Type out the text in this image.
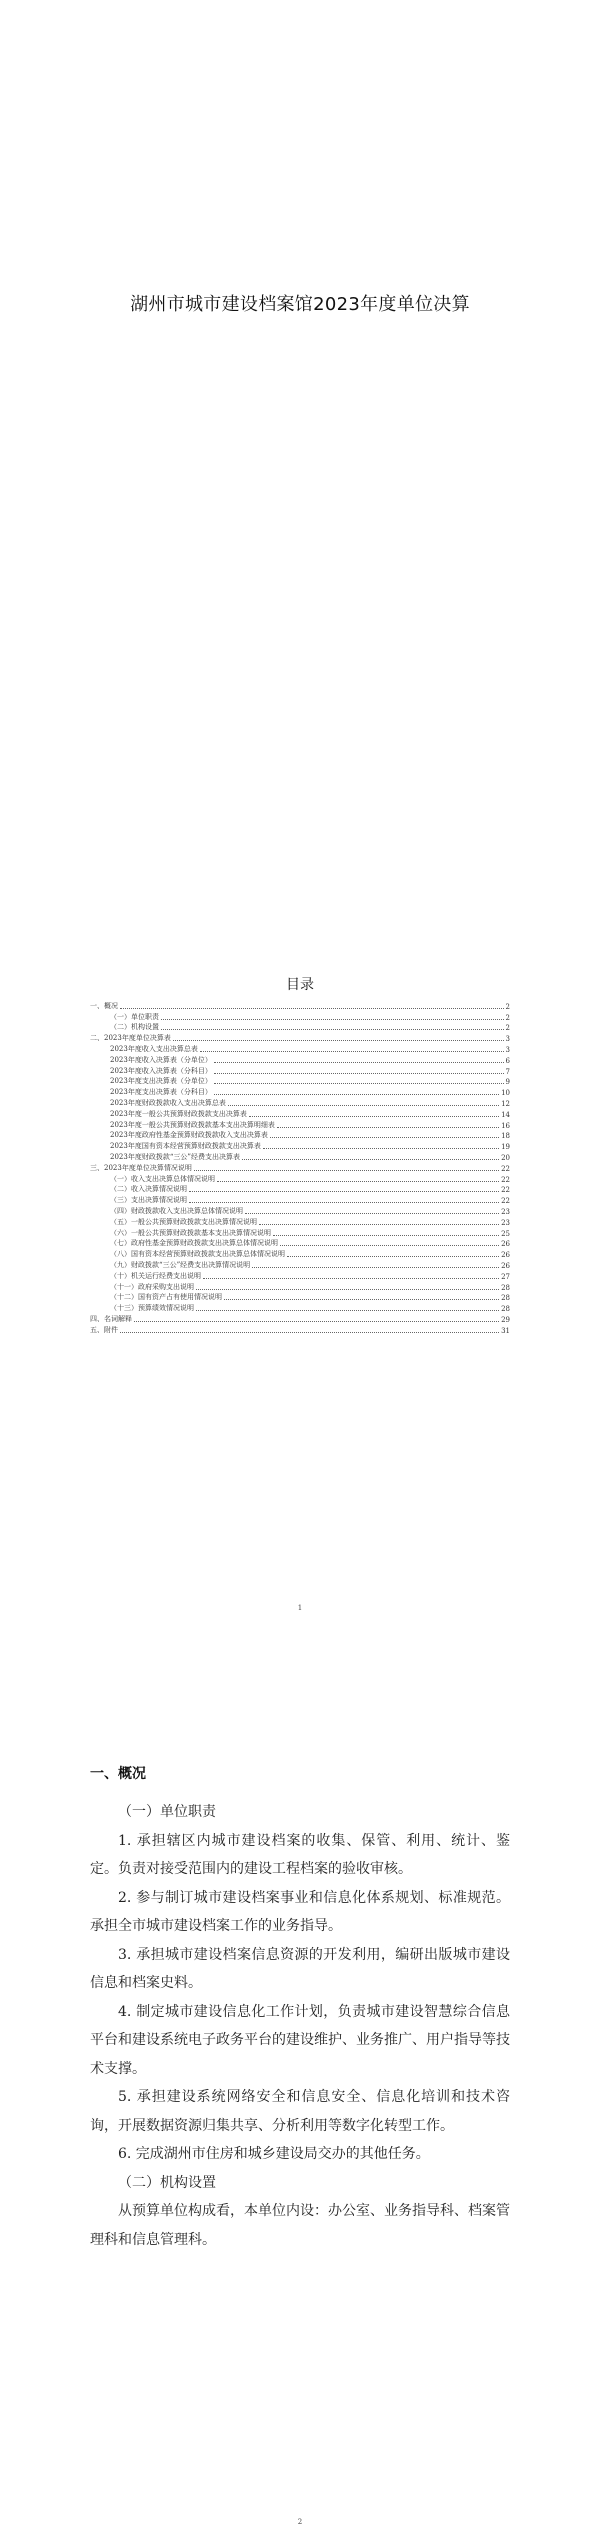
湖州市城市建设档案馆2023年度单位决算
目录
一、概况	2
（一）单位职责	2
（二）机构设置	2
二、2023年度单位决算表	3
2023年度收入支出决算总表	3
2023年度收入决算表（分单位）	6
2023年度收入决算表（分科目）	7
2023年度支出决算表（分单位）	9
2023年度支出决算表（分科目）	10
2023年度财政拨款收入支出决算总表	12
2023年度一般公共预算财政拨款支出决算表	14
2023年度一般公共预算财政拨款基本支出决算明细表	16
2023年度政府性基金预算财政拨款收入支出决算表	18
2023年度国有资本经营预算财政拨款支出决算表	19
2023年度财政拨款“三公”经费支出决算表	20
三、2023年度单位决算情况说明	22
（一）收入支出决算总体情况说明	22
（二）收入决算情况说明	22
（三）支出决算情况说明	22
（四）财政拨款收入支出决算总体情况说明	23
（五）一般公共预算财政拨款支出决算情况说明	23
（六）一般公共预算财政拨款基本支出决算情况说明	25
（七）政府性基金预算财政拨款支出决算总体情况说明	26
（八）国有资本经营预算财政拨款支出决算总体情况说明	26
（九）财政拨款“三公”经费支出决算情况说明	26
（十）机关运行经费支出说明	27
（十一）政府采购支出说明	28
（十二）国有资产占有使用情况说明	28
（十三）预算绩效情况说明	28
四、名词解释	29
五、附件	31
1
一、概况
（一）单位职责

1. 承担辖区内城市建设档案的收集、保管、利用、统计、鉴定。负责对接受范围内的建设工程档案的验收审核。

2. 参与制订城市建设档案事业和信息化体系规划、标准规范。承担全市城市建设档案工作的业务指导。

3. 承担城市建设档案信息资源的开发利用，编研出版城市建设信息和档案史料。

4. 制定城市建设信息化工作计划，负责城市建设智慧综合信息平台和建设系统电子政务平台的建设维护、业务推广、用户指导等技术支撑。

5. 承担建设系统网络安全和信息安全、信息化培训和技术咨询，开展数据资源归集共享、分析利用等数字化转型工作。

6. 完成湖州市住房和城乡建设局交办的其他任务。

（二）机构设置

从预算单位构成看，本单位内设：办公室、业务指导科、档案管理科和信息管理科。

2
